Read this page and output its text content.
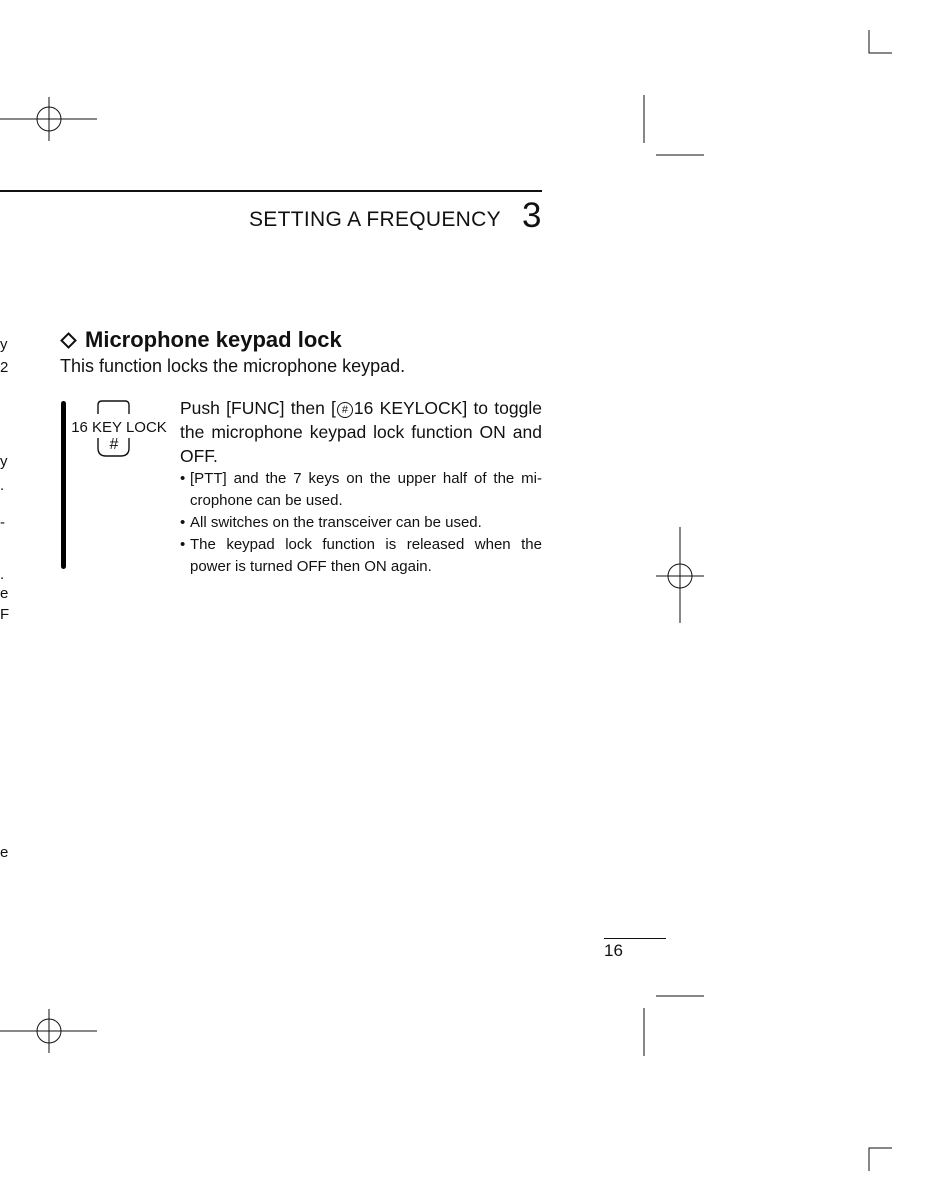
y
2
y
.
-
.
e
F
e
SETTING A FREQUENCY 3
Microphone keypad lock
This function locks the microphone keypad.
16 KEY LOCK
#
Push [FUNC] then [ # 16 KEYLOCK] to toggle the microphone keypad lock function ON and OFF.
• [PTT] and the 7 keys on the upper half of the mi-crophone can be used.
• All switches on the transceiver can be used.
• The keypad lock function is released when the power is turned OFF then ON again.
16
